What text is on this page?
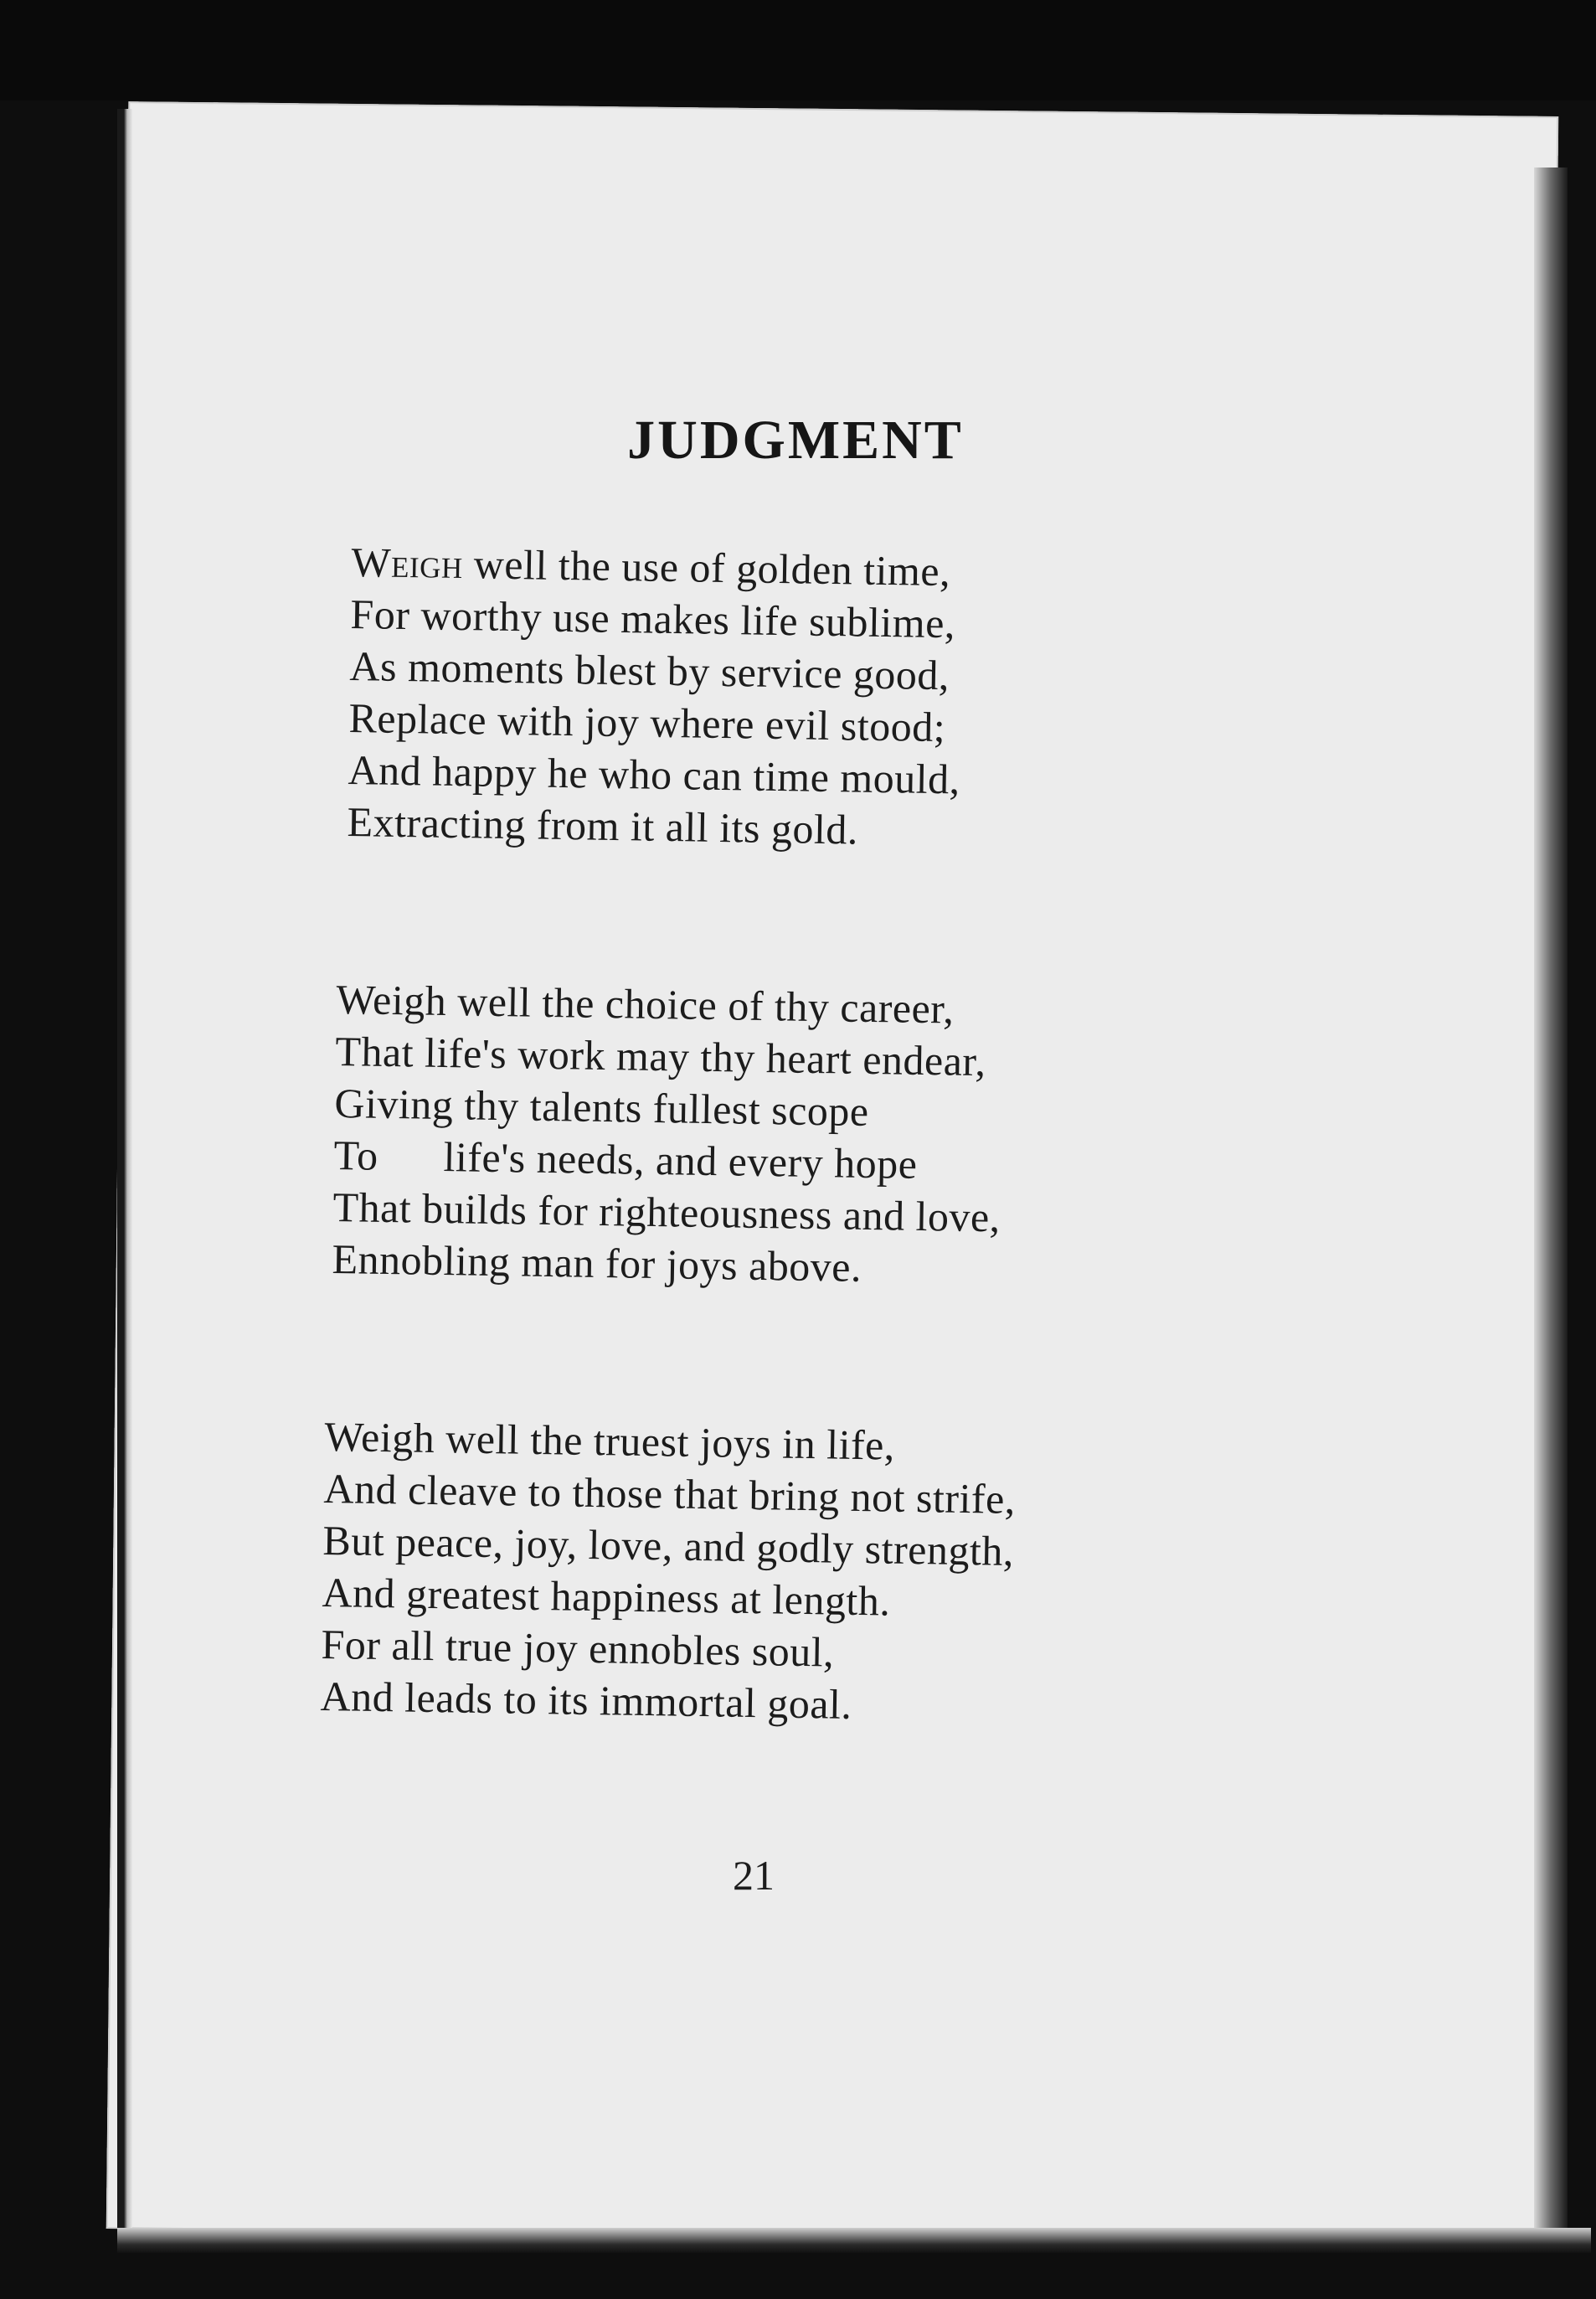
JUDGMENT
Weigh well the use of golden time,
For worthy use makes life sublime,
As moments blest by service good,
Replace with joy where evil stood;
And happy he who can time mould,
Extracting from it all its gold.
Weigh well the choice of thy career,
That life's work may thy heart endear,
Giving thy talents fullest scope
To      life's needs, and every hope
That builds for righteousness and love,
Ennobling man for joys above.
Weigh well the truest joys in life,
And cleave to those that bring not strife,
But peace, joy, love, and godly strength,
And greatest happiness at length.
For all true joy ennobles soul,
And leads to its immortal goal.
21
